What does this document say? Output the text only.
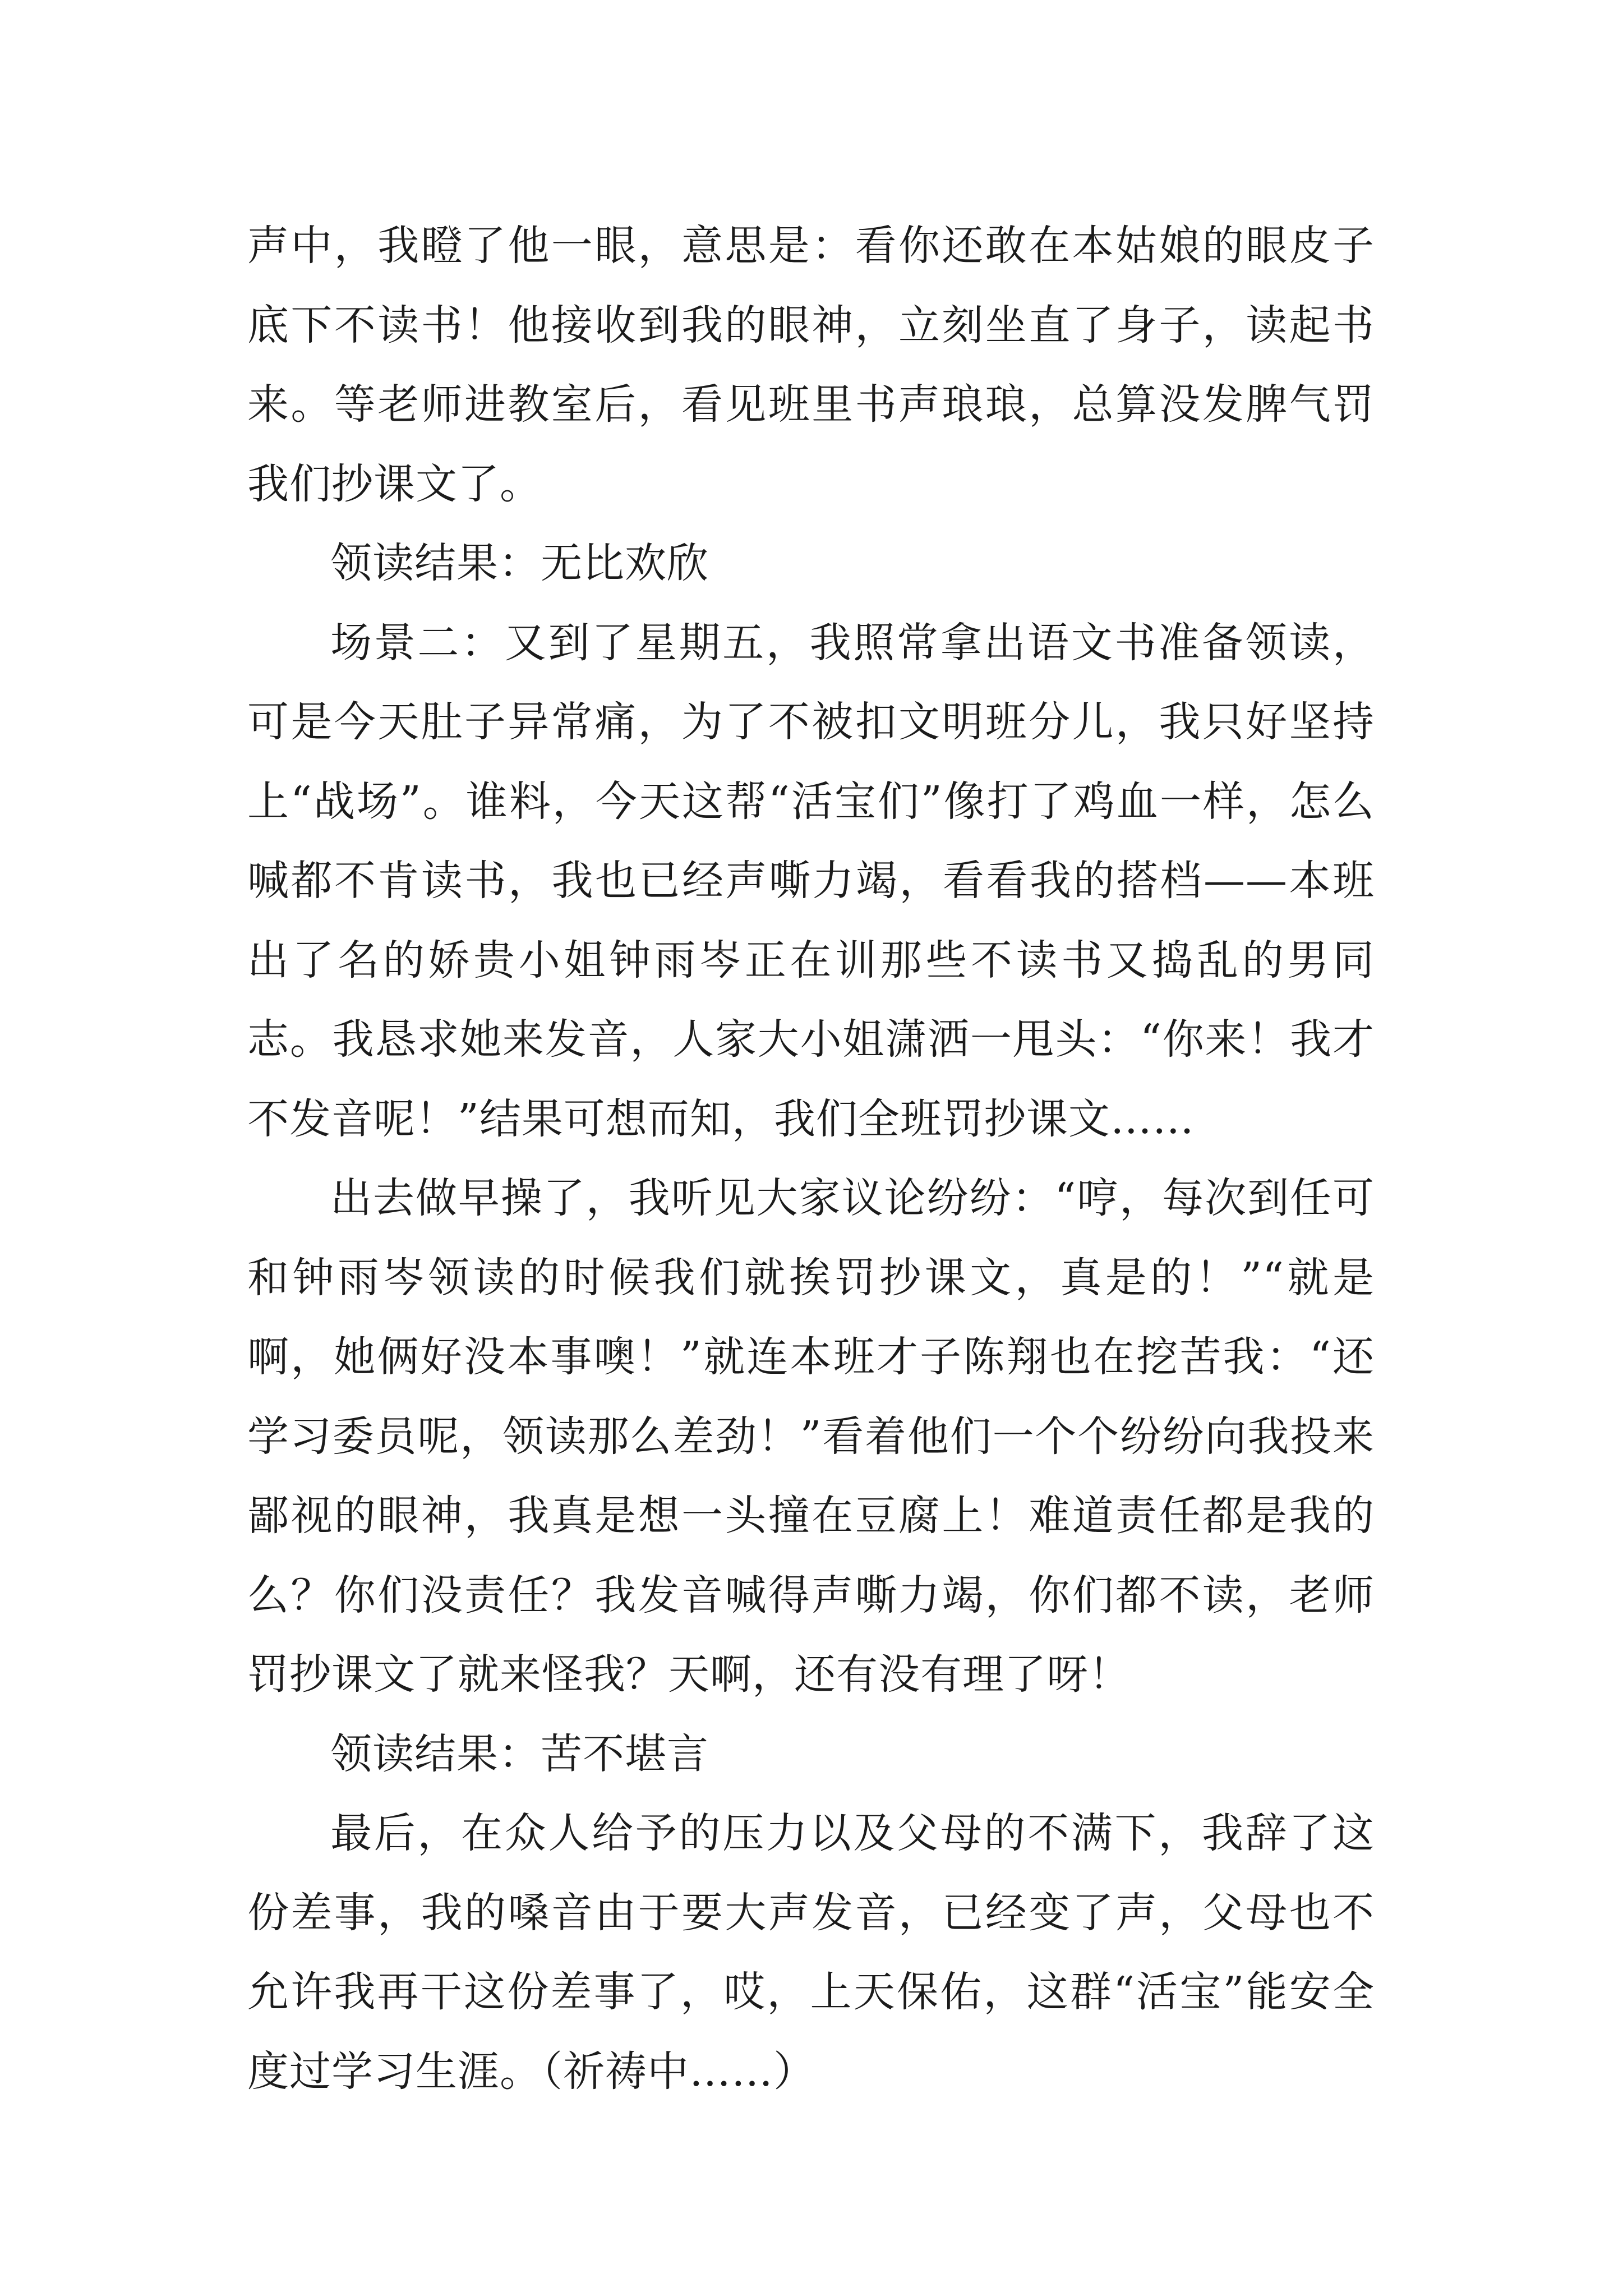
声中，我瞪了他一眼，意思是：看你还敢在本姑娘的眼皮子底下不读书！他接收到我的眼神，立刻坐直了身子，读起书来。等老师进教室后，看见班里书声琅琅，总算没发脾气罚我们抄课文了。

领读结果：无比欢欣

场景二：又到了星期五，我照常拿出语文书准备领读，可是今天肚子异常痛，为了不被扣文明班分儿，我只好坚持上“战场”。谁料，今天这帮“活宝们”像打了鸡血一样，怎么喊都不肯读书，我也已经声嘶力竭，看看我的搭档——本班出了名的娇贵小姐钟雨岑正在训那些不读书又捣乱的男同志。我恳求她来发音，人家大小姐潇洒一甩头：“你来！我才不发音呢！”结果可想而知，我们全班罚抄课文……

出去做早操了，我听见大家议论纷纷：“哼，每次到任可和钟雨岑领读的时候我们就挨罚抄课文，真是的！”“就是啊，她俩好没本事噢！”就连本班才子陈翔也在挖苦我：“还学习委员呢，领读那么差劲！”看着他们一个个纷纷向我投来鄙视的眼神，我真是想一头撞在豆腐上！难道责任都是我的么？你们没责任？我发音喊得声嘶力竭，你们都不读，老师罚抄课文了就来怪我？天啊，还有没有理了呀！

领读结果：苦不堪言

最后，在众人给予的压力以及父母的不满下，我辞了这份差事，我的嗓音由于要大声发音，已经变了声，父母也不允许我再干这份差事了，哎，上天保佑，这群“活宝”能安全度过学习生涯。（祈祷中……）
